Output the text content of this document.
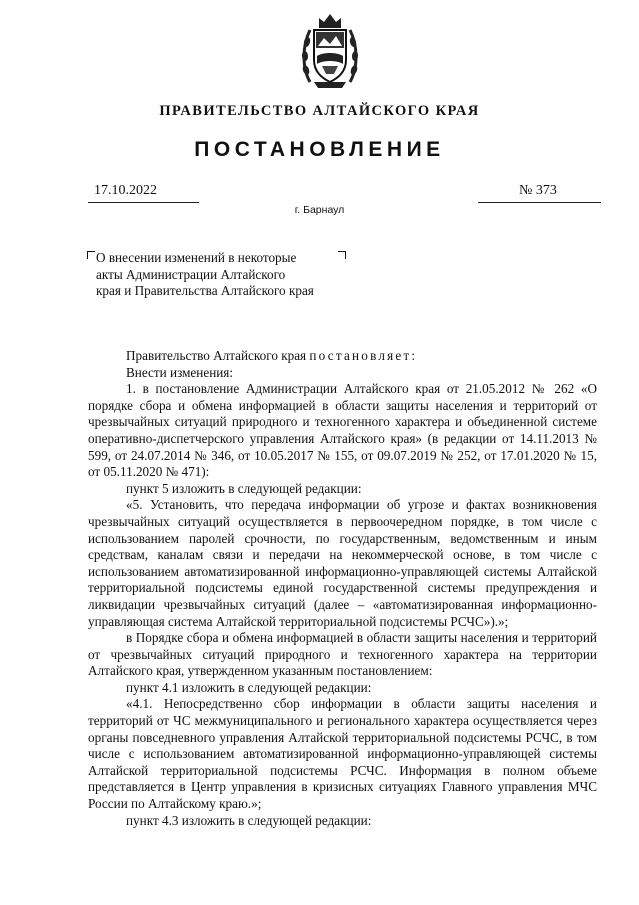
ПРАВИТЕЛЬСТВО АЛТАЙСКОГО КРАЯ
ПОСТАНОВЛЕНИЕ
17.10.2022	№ 373
г. Барнаул
О внесении изменений в некоторые
акты Администрации Алтайского
края и Правительства Алтайского края

Правительство Алтайского края постановляет:

Внести изменения:

1. в постановление Администрации Алтайского края от 21.05.2012 № 262 «О порядке сбора и обмена информацией в области защиты населения и территорий от чрезвычайных ситуаций природного и техногенного характера и объединенной системе оперативно-диспетчерского управления Алтайского края» (в редакции от 14.11.2013 № 599, от 24.07.2014 № 346, от 10.05.2017 № 155, от 09.07.2019 № 252, от 17.01.2020 № 15, от 05.11.2020 № 471):

пункт 5 изложить в следующей редакции:

«5. Установить, что передача информации об угрозе и фактах возникновения чрезвычайных ситуаций осуществляется в первоочередном порядке, в том числе с использованием паролей срочности, по государственным, ведомственным и иным средствам, каналам связи и передачи на некоммерческой основе, в том числе с использованием автоматизированной информационно-управляющей системы Алтайской территориальной подсистемы единой государственной системы предупреждения и ликвидации чрезвычайных ситуаций (далее – «автоматизированная информационно-управляющая система Алтайской территориальной подсистемы РСЧС»).»;

в Порядке сбора и обмена информацией в области защиты населения и территорий от чрезвычайных ситуаций природного и техногенного характера на территории Алтайского края, утвержденном указанным постановлением:

пункт 4.1 изложить в следующей редакции:

«4.1. Непосредственно сбор информации в области защиты населения и территорий от ЧС межмуниципального и регионального характера осуществляется через органы повседневного управления Алтайской территориальной подсистемы РСЧС, в том числе с использованием автоматизированной информационно-управляющей системы Алтайской территориальной подсистемы РСЧС. Информация в полном объеме представляется в Центр управления в кризисных ситуациях Главного управления МЧС России по Алтайскому краю.»;

пункт 4.3 изложить в следующей редакции:
